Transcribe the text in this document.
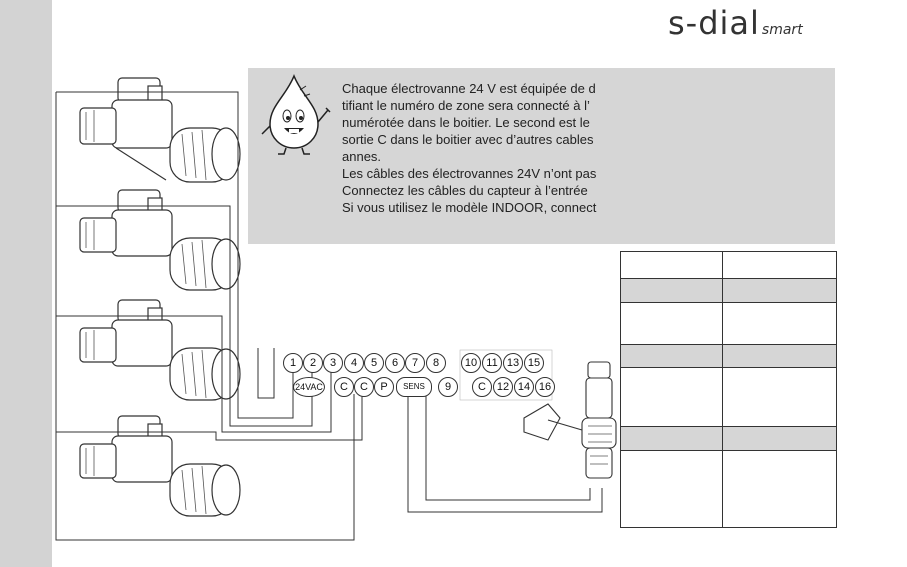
s-dial smart
Chaque électrovanne 24 V est équipée de d
tifiant le numéro de zone sera connecté à l’
numérotée dans le boitier. Le second est le
sortie C dans le boitier avec d’autres cables
annes.
Les câbles des électrovannes 24V n’ont pas
Connectez les câbles du capteur à l’entrée
Si vous utilisez le modèle INDOOR, connect
1	2	3	4	5	6	7	8	10 11 13 15
24VAC	C	C	P	SENS	9	C 12 14 16
